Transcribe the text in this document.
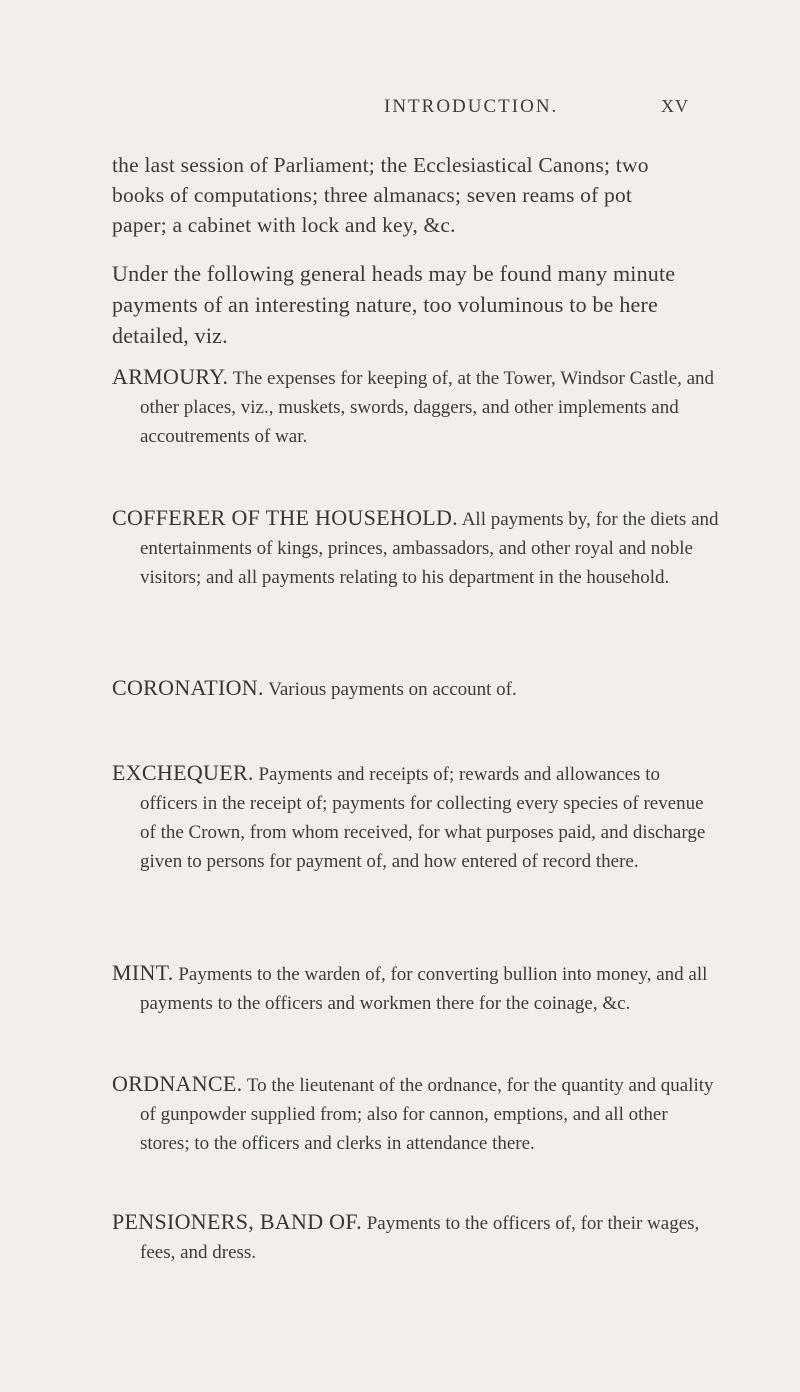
INTRODUCTION.	XV

the last session of Parliament; the Ecclesiastical Canons; two books of computations; three almanacs; seven reams of pot paper; a cabinet with lock and key, &c.

Under the following general heads may be found many minute payments of an interesting nature, too voluminous to be here detailed, viz.

ARMOURY. The expenses for keeping of, at the Tower, Windsor Castle, and other places, viz., muskets, swords, daggers, and other implements and accoutrements of war.

COFFERER OF THE HOUSEHOLD. All payments by, for the diets and entertainments of kings, princes, ambassadors, and other royal and noble visitors; and all payments relating to his department in the household.

CORONATION. Various payments on account of.

EXCHEQUER. Payments and receipts of; rewards and allowances to officers in the receipt of; payments for collecting every species of revenue of the Crown, from whom received, for what purposes paid, and discharge given to persons for payment of, and how entered of record there.

MINT. Payments to the warden of, for converting bullion into money, and all payments to the officers and workmen there for the coinage, &c.

ORDNANCE. To the lieutenant of the ordnance, for the quantity and quality of gunpowder supplied from; also for cannon, emptions, and all other stores; to the officers and clerks in attendance there.

PENSIONERS, BAND OF. Payments to the officers of, for their wages, fees, and dress.
